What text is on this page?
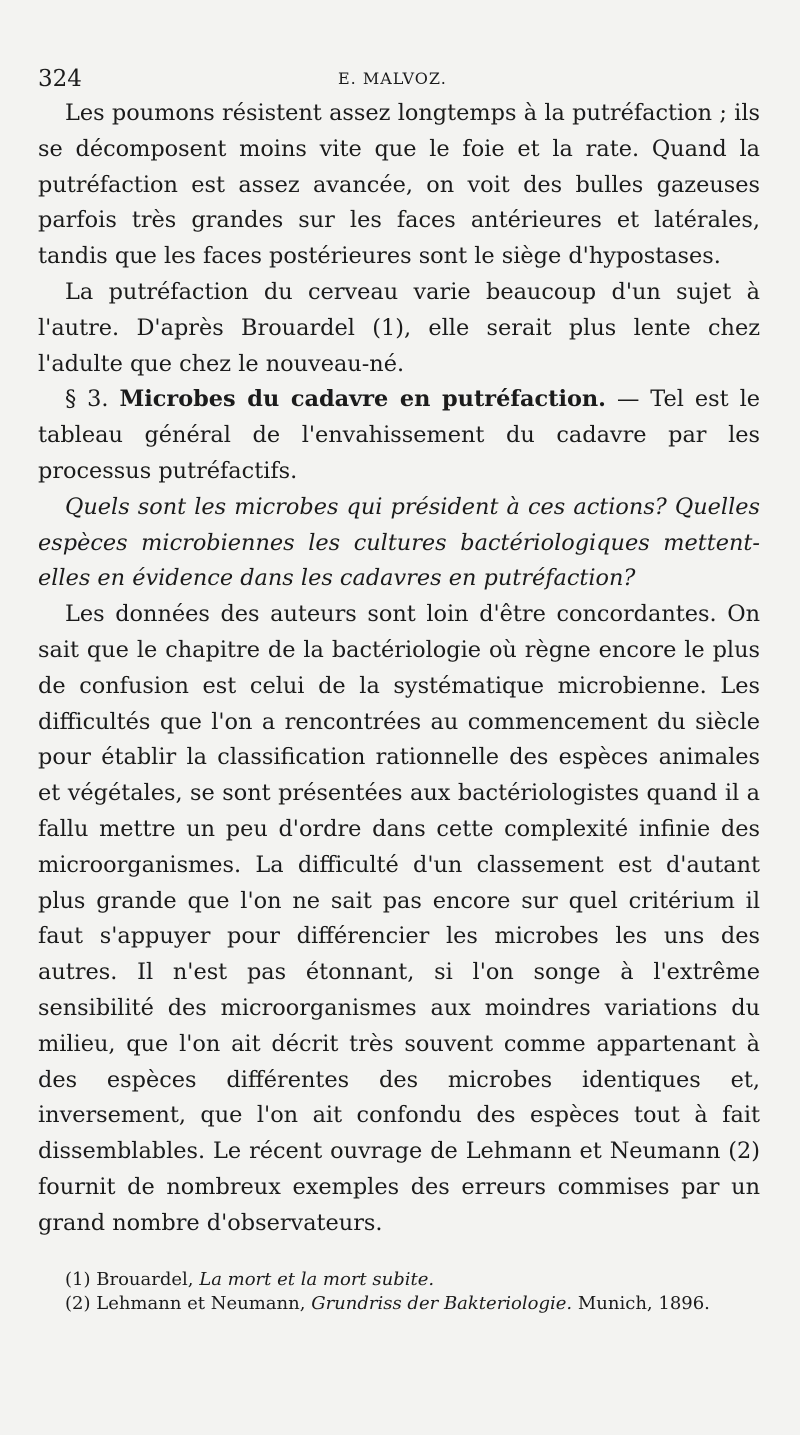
324	E. MALVOZ.

Les poumons résistent assez longtemps à la putréfaction ; ils se décomposent moins vite que le foie et la rate. Quand la putréfaction est assez avancée, on voit des bulles gazeuses parfois très grandes sur les faces antérieures et latérales, tandis que les faces postérieures sont le siège d'hypostases.

La putréfaction du cerveau varie beaucoup d'un sujet à l'autre. D'après Brouardel (1), elle serait plus lente chez l'adulte que chez le nouveau-né.

§ 3. Microbes du cadavre en putréfaction. — Tel est le tableau général de l'envahissement du cadavre par les processus putréfactifs.

Quels sont les microbes qui président à ces actions? Quelles espèces microbiennes les cultures bactériologiques mettent-elles en évidence dans les cadavres en putréfaction?

Les données des auteurs sont loin d'être concordantes. On sait que le chapitre de la bactériologie où règne encore le plus de confusion est celui de la systématique microbienne. Les difficultés que l'on a rencontrées au commencement du siècle pour établir la classification rationnelle des espèces animales et végétales, se sont présentées aux bactériologistes quand il a fallu mettre un peu d'ordre dans cette complexité infinie des microorganismes. La difficulté d'un classement est d'autant plus grande que l'on ne sait pas encore sur quel critérium il faut s'appuyer pour différencier les microbes les uns des autres. Il n'est pas étonnant, si l'on songe à l'extrême sensibilité des microorganismes aux moindres variations du milieu, que l'on ait décrit très souvent comme appartenant à des espèces différentes des microbes identiques et, inversement, que l'on ait confondu des espèces tout à fait dissemblables. Le récent ouvrage de Lehmann et Neumann (2) fournit de nombreux exemples des erreurs commises par un grand nombre d'observateurs.

(1) Brouardel, La mort et la mort subite.

(2) Lehmann et Neumann, Grundriss der Bakteriologie. Munich, 1896.
